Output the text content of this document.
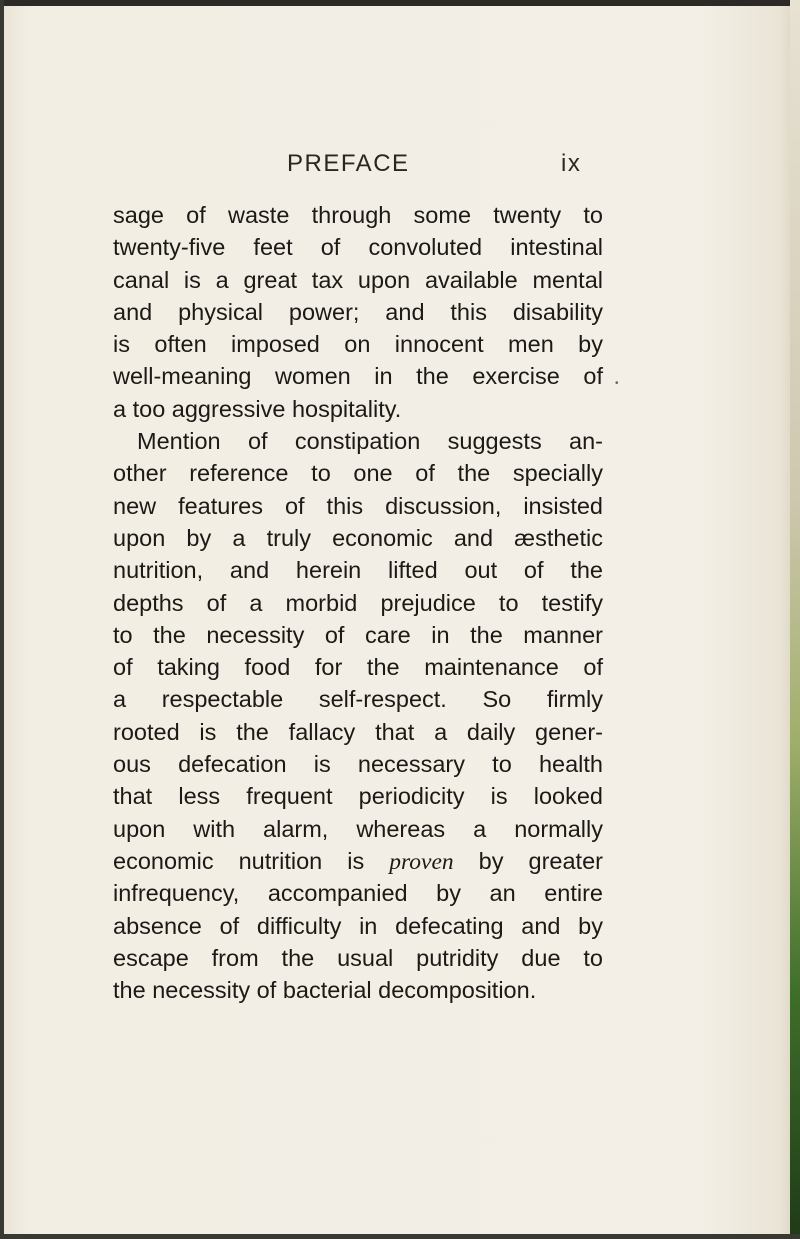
PREFACE	ix
sage of waste through some twenty to
twenty-five feet of convoluted intestinal
canal is a great tax upon available mental
and physical power; and this disability
is often imposed on innocent men by
well-meaning women in the exercise of
a too aggressive hospitality.
Mention of constipation suggests an-
other reference to one of the specially
new features of this discussion, insisted
upon by a truly economic and æsthetic
nutrition, and herein lifted out of the
depths of a morbid prejudice to testify
to the necessity of care in the manner
of taking food for the maintenance of
a respectable self-respect. So firmly
rooted is the fallacy that a daily gener-
ous defecation is necessary to health
that less frequent periodicity is looked
upon with alarm, whereas a normally
economic nutrition is proven by greater
infrequency, accompanied by an entire
absence of difficulty in defecating and by
escape from the usual putridity due to
the necessity of bacterial decomposition.
•
